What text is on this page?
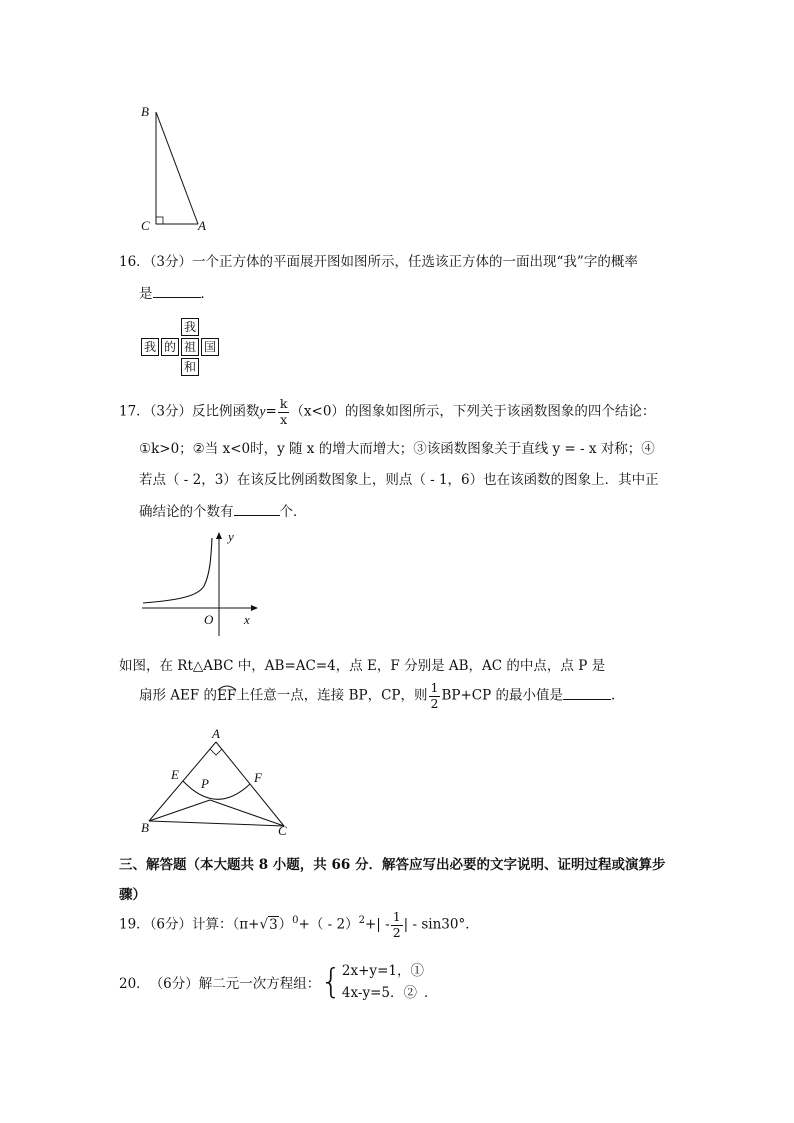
B
C	A
16．（3分）一个正方体的平面展开图如图所示，任选该正方体的一面出现“我”字的概率
是	．
我
我 的 祖 国
和
17．（3分）反比例函数$y= \frac{k}{x} (x<0)$的图象如图所示，下列关于该函数图象的四个结论：
①k>0；②当 x<0时，y 随 x 的增大而增大；③该函数图象关于直线 y = - x 对称；④
若点（ - 2，3）在该反比例函数图象上，则点（ - 1，6）也在该函数的图象上．其中正
确结论的个数有	个．
y
O x
如图，在 Rt△ABC 中，AB=AC=4，点 E，F 分别是 AB，AC 的中点，点 P 是
扇形 AEF 的
EF上任意一点，连接 BP，CP，则 $\frac{1}{2} BP+CP$ 的最小值是	．
A
E	F
P
B	C
三、解答题（本大题共 8 小题，共 66 分．解答应写出必要的文字说明、证明过程或演算步
骤）
19．（6分）计算：$(\pi+√3)^0+( - 2)^2+| - \frac{1}{2}$ | - sin30°．
20． （6分） 解二元一次方程组： { 2x+y=1，①
4x-y=5．② ．
